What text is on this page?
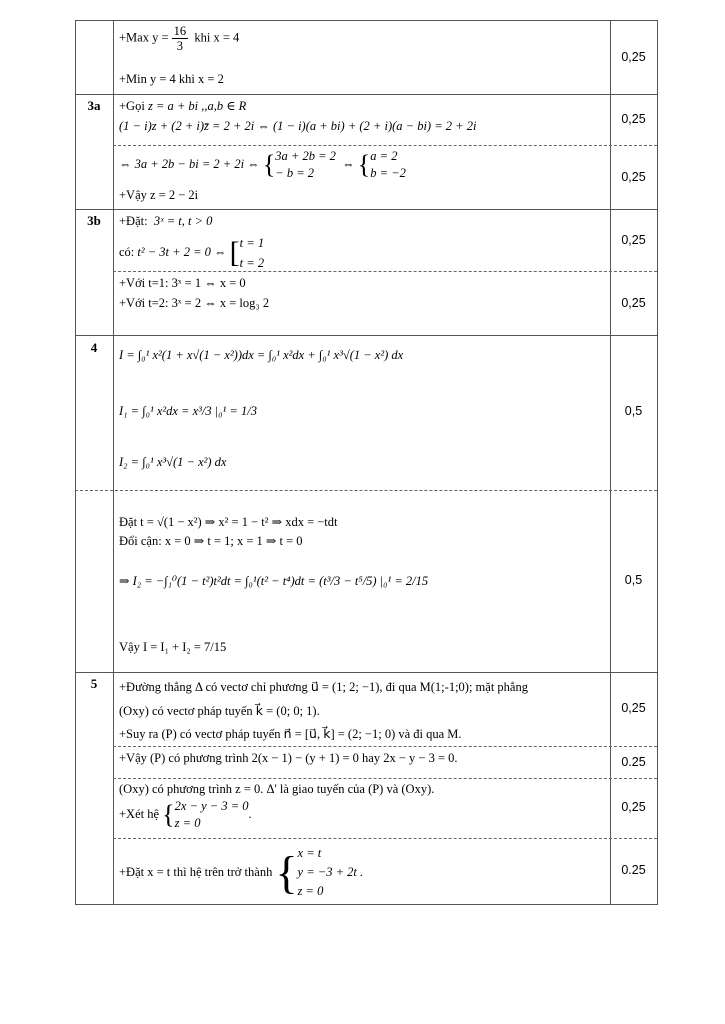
3a
3b
4
5
0,25
0,25
0,25
0,25
0,25
0,5
0,5
0,25
0.25
0,25
0.25
+Max $y = \frac{16}{3}$ khi x = 4
+Min y = 4 khi x = 2
+Gọi z = a + bi ,,a,b ∈ R
(1 − i)z + (2 + i)z̄ = 2 + 2i ⇔ (1 − i)(a + bi) + (2 + i)(a − bi) = 2 + 2i
⇔ 3a + 2b − bi = 2 + 2i ⇔ {3a + 2b = 2
− b = 2  ⇔ {a = 2
b = −2
+Vậy z = 2 − 2i
+Đặt: 3ˣ = t, t > 0
có: t² − 3t + 2 = 0 ⇔ [t = 1
t = 2
+Với t=1: 3ˣ = 1 ⇔ x = 0
+Với t=2: 3ˣ = 2 ⇔ x = log₃ 2
I = ∫₀¹ x²(1 + x√(1 − x²))dx = ∫₀¹ x²dx + ∫₀¹ x³√(1 − x²) dx
I₁ = ∫₀¹ x²dx = x³/3 |₀¹ = 1/3
I₂ = ∫₀¹ x³√(1 − x²) dx
Đặt t = √(1 − x²) ⇒ x² = 1 − t² ⇒ xdx = −tdt
Đổi cận: x = 0 ⇒ t = 1; x = 1 ⇒ t = 0
⇒ I₂ = −∫₁⁰(1 − t²)t²dt = ∫₀¹(t² − t⁴)dt = (t³/3 − t⁵/5) |₀¹ = 2/15
Vậy I = I₁ + I₂ = 7/15
+Đường thẳng Δ có vectơ chỉ phương u⃗ = (1; 2; −1), đi qua M(1;-1;0); mặt phẳng
(Oxy) có vectơ pháp tuyến k⃗ = (0; 0; 1).
+Suy ra (P) có vectơ pháp tuyến n⃗ = [u⃗, k⃗] = (2; −1; 0) và đi qua M.
+Vậy (P) có phương trình 2(x − 1) − (y + 1) = 0 hay 2x − y − 3 = 0.
(Oxy) có phương trình z = 0. Δ' là giao tuyến của (P) và (Oxy).
+Xét hệ {2x − y − 3 = 0
z = 0.
+Đặt x = t thì hệ trên trở thành {x = t
y = −3 + 2t .
z = 0
